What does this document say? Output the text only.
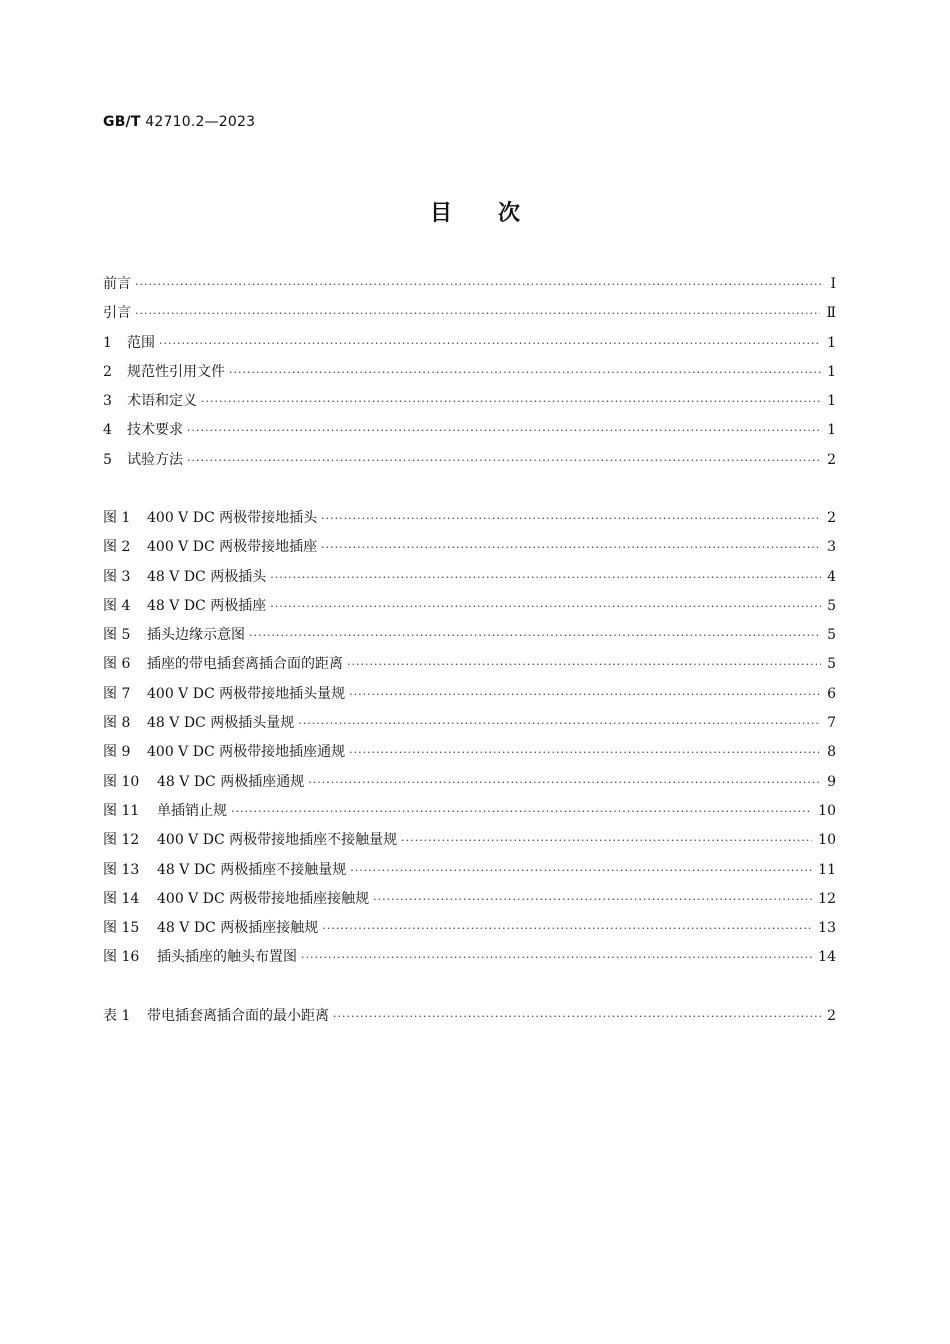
GB/T 42710.2—2023
目次
前言 ·····	Ⅰ
引言 ·····	Ⅱ
1	范围 ·····	1
2	规范性引用文件 ·····	1
3	术语和定义 ·····	1
4	技术要求 ·····	1
5	试验方法 ·····	2
图 1	400 V DC 两极带接地插头 ·····	2
图 2	400 V DC 两极带接地插座 ·····	3
图 3	48 V DC 两极插头 ·····	4
图 4	48 V DC 两极插座 ·····	5
图 5	插头边缘示意图 ·····	5
图 6	插座的带电插套离插合面的距离 ·····	5
图 7	400 V DC 两极带接地插头量规 ·····	6
图 8	48 V DC 两极插头量规 ·····	7
图 9	400 V DC 两极带接地插座通规 ·····	8
图 10	48 V DC 两极插座通规 ·····	9
图 11	单插销止规 ·····	10
图 12	400 V DC 两极带接地插座不接触量规 ·····	10
图 13	48 V DC 两极插座不接触量规 ·····	11
图 14	400 V DC 两极带接地插座接触规 ·····	12
图 15	48 V DC 两极插座接触规 ·····	13
图 16	插头插座的触头布置图 ·····	14
表 1	带电插套离插合面的最小距离 ·····	2
